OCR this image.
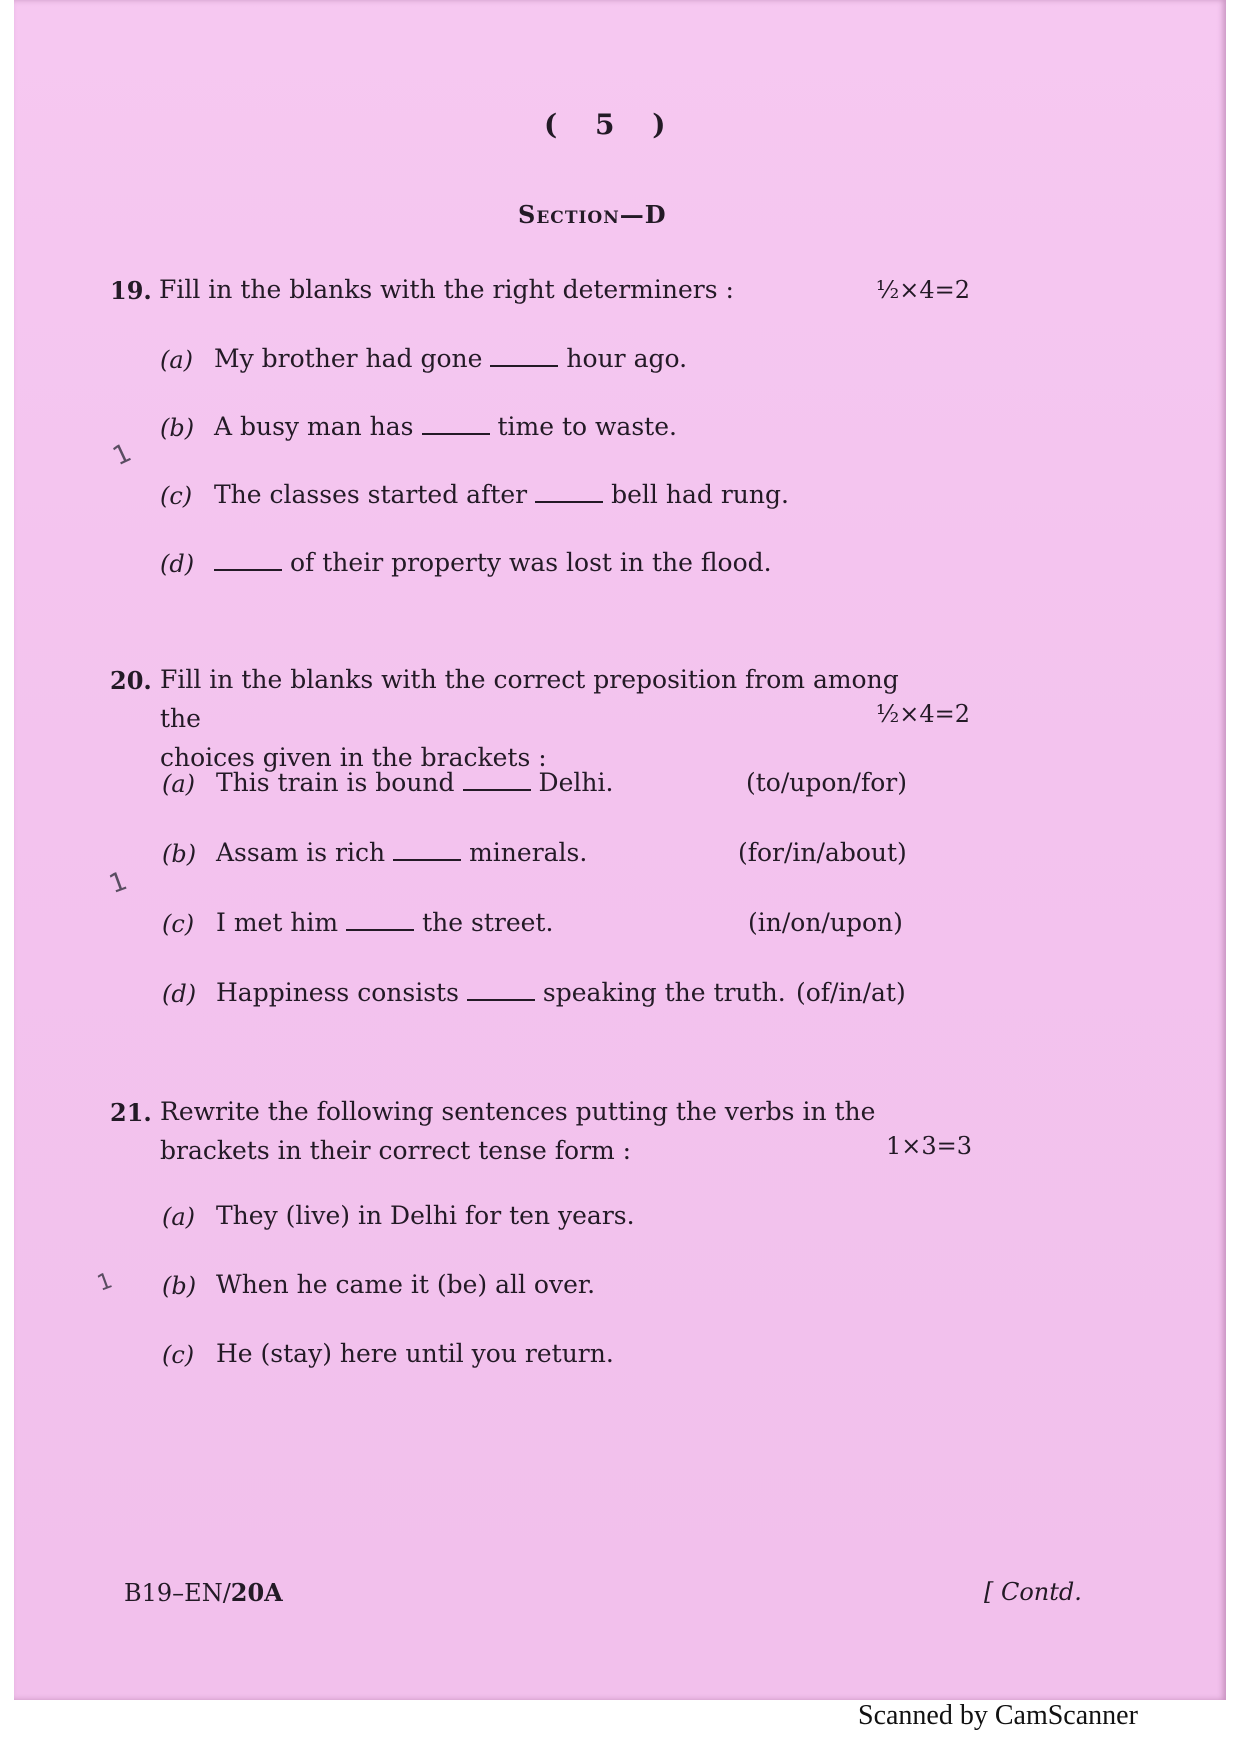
( 5 )
Section—D
19. Fill in the blanks with the right determiners :	½×4=2
(a) My brother had gone	hour ago.
(b) A busy man has	time to waste.
(c) The classes started after	bell had rung.
(d)	of their property was lost in the flood.
20. Fill in the blanks with the correct preposition from among the
choices given in the brackets :
½×4=2
(a) This train is bound	Delhi.	(to/upon/for)
(b) Assam is rich	minerals.	(for/in/about)
(c) I met him	the street.	(in/on/upon)
(d) Happiness consists	speaking the truth. (of/in/at)
21. Rewrite the following sentences putting the verbs in the
brackets in their correct tense form :	1×3=3
(a) They (live) in Delhi for ten years.
(b) When he came it (be) all over.
(c) He (stay) here until you return.
1
1
1
B19–EN/20A	[ Contd.
Scanned by CamScanner
